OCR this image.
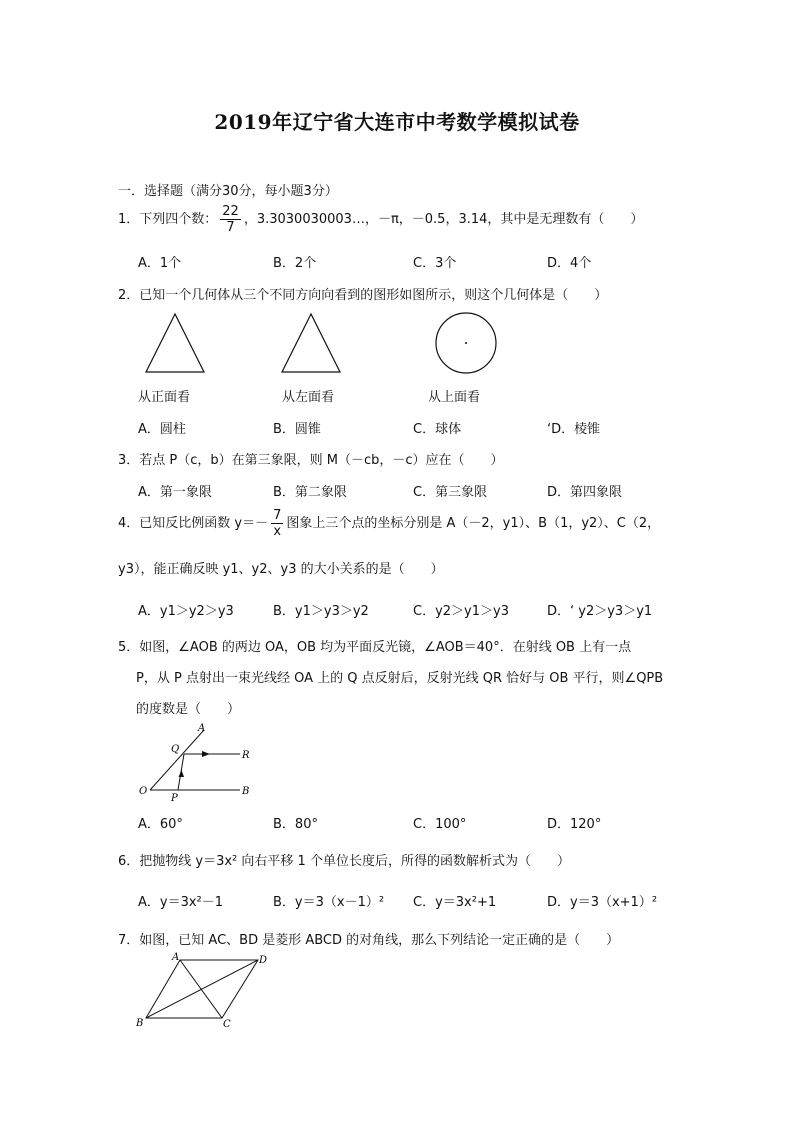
2019年辽宁省大连市中考数学模拟试卷
一．选择题（满分30分，每小题3分）
1．下列四个数： $\frac{22}{7}$ ，3.3030030003…，－π，－0.5，3.14，其中是无理数有（　　）
A．1个	B．2个	C．3个	D．4个
2．已知一个几何体从三个不同方向向看到的图形如图所示，则这个几何体是（　　）
从正面看	从左面看	从上面看
A．圆柱	B．圆锥	C．球体	‘D．棱锥
3．若点 P（c，b）在第三象限，则 M（－cb，－c）应在（　　）
A．第一象限	B．第二象限	C．第三象限	D．第四象限
4．已知反比例函数 $y=- \frac{7}{x}$ 图象上三个点的坐标分别是 A（－2，y1）、B（1，y2）、C（2，
y3），能正确反映 y1、y2、y3 的大小关系的是（　　）
A．y1＞y2＞y3	B．y1＞y3＞y2	C．y2＞y1＞y3	D．‘ y2＞y3＞y1
5．如图，∠AOB 的两边 OA，OB 均为平面反光镜，∠AOB＝40°．在射线 OB 上有一点
P，从 P 点射出一束光线经 OA 上的 Q 点反射后，反射光线 QR 恰好与 OB 平行，则∠QPB
的度数是（　　）
A
Q
R
O
P
B
A．60°	B．80°	C．100°	D．120°
6．把抛物线 y＝3x² 向右平移 1 个单位长度后，所得的函数解析式为（　　）
A．y＝3x²－1	B．y＝3（x－1）² C．y＝3x²+1	D．y＝3（x+1）²
7．如图，已知 AC、BD 是菱形 ABCD 的对角线，那么下列结论一定正确的是（　　）
A	D
B	C
